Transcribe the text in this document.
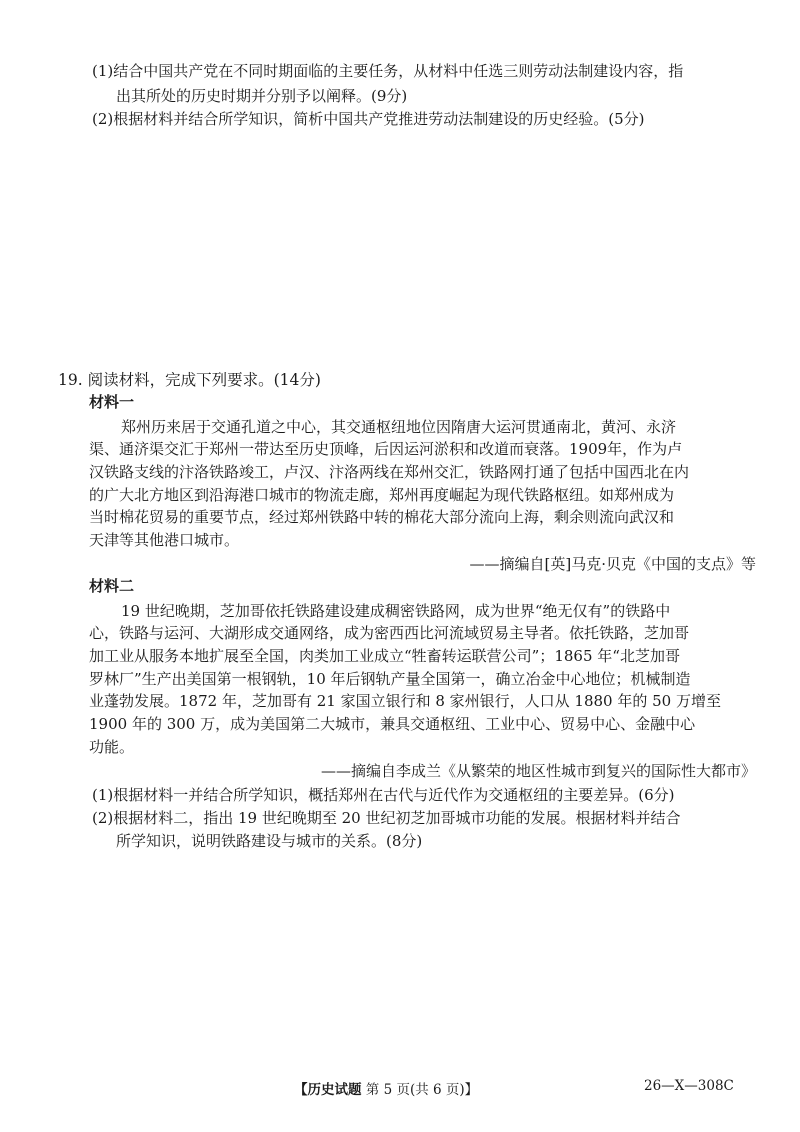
(1)结合中国共产党在不同时期面临的主要任务，从材料中任选三则劳动法制建设内容，指
出其所处的历史时期并分别予以阐释。(9分)
(2)根据材料并结合所学知识，简析中国共产党推进劳动法制建设的历史经验。(5分)
19. 阅读材料，完成下列要求。(14分)
材料一
郑州历来居于交通孔道之中心，其交通枢纽地位因隋唐大运河贯通南北，黄河、永济
渠、通济渠交汇于郑州一带达至历史顶峰，后因运河淤积和改道而衰落。1909年，作为卢
汉铁路支线的汴洛铁路竣工，卢汉、汴洛两线在郑州交汇，铁路网打通了包括中国西北在内
的广大北方地区到沿海港口城市的物流走廊，郑州再度崛起为现代铁路枢纽。如郑州成为
当时棉花贸易的重要节点，经过郑州铁路中转的棉花大部分流向上海，剩余则流向武汉和
天津等其他港口城市。
——摘编自[英]马克·贝克《中国的支点》等
材料二
19 世纪晚期，芝加哥依托铁路建设建成稠密铁路网，成为世界“绝无仅有”的铁路中
心，铁路与运河、大湖形成交通网络，成为密西西比河流域贸易主导者。依托铁路，芝加哥
加工业从服务本地扩展至全国，肉类加工业成立“牲畜转运联营公司”；1865 年“北芝加哥
罗林厂”生产出美国第一根钢轨，10 年后钢轨产量全国第一，确立冶金中心地位；机械制造
业蓬勃发展。1872 年，芝加哥有 21 家国立银行和 8 家州银行，人口从 1880 年的 50 万增至
1900 年的 300 万，成为美国第二大城市，兼具交通枢纽、工业中心、贸易中心、金融中心
功能。
——摘编自李成兰《从繁荣的地区性城市到复兴的国际性大都市》
(1)根据材料一并结合所学知识，概括郑州在古代与近代作为交通枢纽的主要差异。(6分)
(2)根据材料二，指出 19 世纪晚期至 20 世纪初芝加哥城市功能的发展。根据材料并结合
所学知识，说明铁路建设与城市的关系。(8分)
【历史试题 第 5 页(共 6 页)】	26—X—308C
